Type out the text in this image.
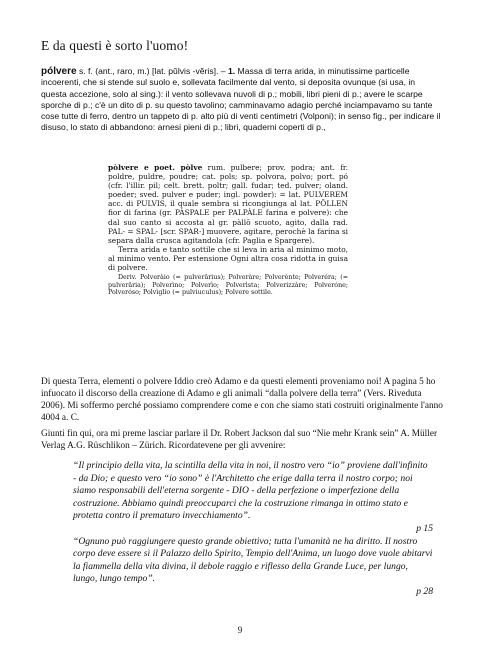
E da questi è sorto l'uomo!
pólvere s. f. (ant., raro, m.) [lat. pŭlvis -vĕris]. – 1. Massa di terra arida, in minutissime particelle incoerenti, che si stende sul suolo e, sollevata facilmente dal vento, si deposita ovunque (si usa, in questa accezione, solo al sing.): il vento sollevava nuvoli di p.; mobili, libri pieni di p.; avere le scarpe sporche di p.; c'è un dito di p. su questo tavolino; camminavamo adagio perché inciampavamo su tante cose tutte di ferro, dentro un tappeto di p. alto più di venti centimetri (Volponi); in senso fig., per indicare il disuso, lo stato di abbandono: arnesi pieni di p.; libri, quaderni coperti di p.,
pòlvere e poet. pòlve rum. pulbere; prov. podra; ant. fr. poldre, puldre, poudre; cat. pols; sp. polvora, polvo; port. pó (cfr. l'illir. pil; celt. brett. poltr; gall. fudar; ted. pulver; oland. poeder; sved. pulver e puder; ingl. powder): = lat. PULVEREM acc. di PULVIS, il quale sembra si ricongiunga al lat. PŎLLEN fior di farina (gr. PÀSPALE per PALPÀLE farina e polvere): che dal suo canto si accosta al gr. pàllō scuoto, agito, dalla rad. PAL- = SPAL- [scr. SPAR-] muovere, agitare, perochè la farina si separa dalla crusca agitandola (cfr. Paglia e Spargere).
Terra arida e tanto sottile che si leva in aria al minimo moto, al minimo vento. Per estensione Ogni altra cosa ridotta in guisa di polvere.
Deriv. Polveràio (= pulverārius); Polveràre; Polverènte; Polveréra; (= pulverāria); Polverìno; Polverìo; Polverìsta; Polverizzàre; Polveróne; Polveróso; Polvìglio (= pulviuculus); Polvere sottile.
Di questa Terra, elementi o polvere Iddio creò Adamo e da questi elementi proveniamo noi! A pagina 5 ho infuocato il discorso della creazione di Adamo e gli animali “dalla polvere della terra” (Vers. Riveduta 2006). Mi soffermo perché possiamo comprendere come e con che siamo stati costruiti originalmente l'anno 4004 a. C.
Giunti fin qui, ora mi preme lasciar parlare il Dr. Robert Jackson dal suo “Nie mehr Krank sein” A. Müller Verlag A.G. Rüschlikon – Zürich. Ricordatevene per gli avvenire:
“Il principio della vita, la scintilla della vita in noi, il nostro vero “io” proviene dall'infinito - da Dio; e questo vero “io sono” è l'Architetto che erige dalla terra il nostro corpo; noi siamo responsabili dell'eterna sorgente - DIO - della perfezione o imperfezione della costruzione. Abbiamo quindi preoccuparci che la costruzione rimanga in ottimo stato e protetta contro il prematuro invecchiamento”.
p 15
“Ognuno può raggiungere questo grande obiettivo; tutta l'umanità ne ha diritto. Il nostro corpo deve essere sì il Palazzo dello Spirito, Tempio dell'Anima, un luogo dove vuole abitarvi la fiammella della vita divina, il debole raggio e riflesso della Grande Luce, per lungo, lungo, lungo tempo”.
p 28
9
